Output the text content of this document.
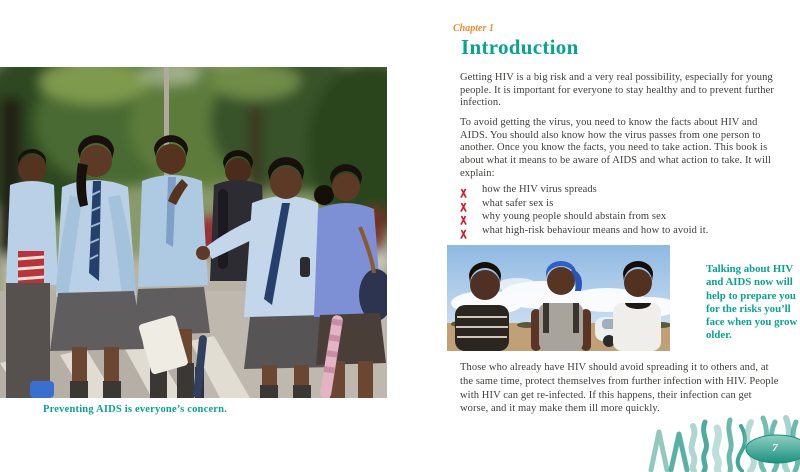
Preventing AIDS is everyone’s concern.
Chapter 1
Introduction

Getting HIV is a big risk and a very real possibility, especially for young people. It is important for everyone to stay healthy and to prevent further infection.

To avoid getting the virus, you need to know the facts about HIV and AIDS. You should also know how the virus passes from one person to another. Once you know the facts, you need to take action. This book is about what it means to be aware of AIDS and what action to take. It will explain:

how the HIV virus spreads
what safer sex is
why young people should abstain from sex
what high-risk behaviour means and how to avoid it.
Talking about HIV and AIDS now will help to prepare you for the risks you’ll face when you grow older.

Those who already have HIV should avoid spreading it to others and, at the same time, protect themselves from further infection with HIV. People with HIV can get re-infected. If this happens, their infection can get worse, and it may make them ill more quickly.

7
